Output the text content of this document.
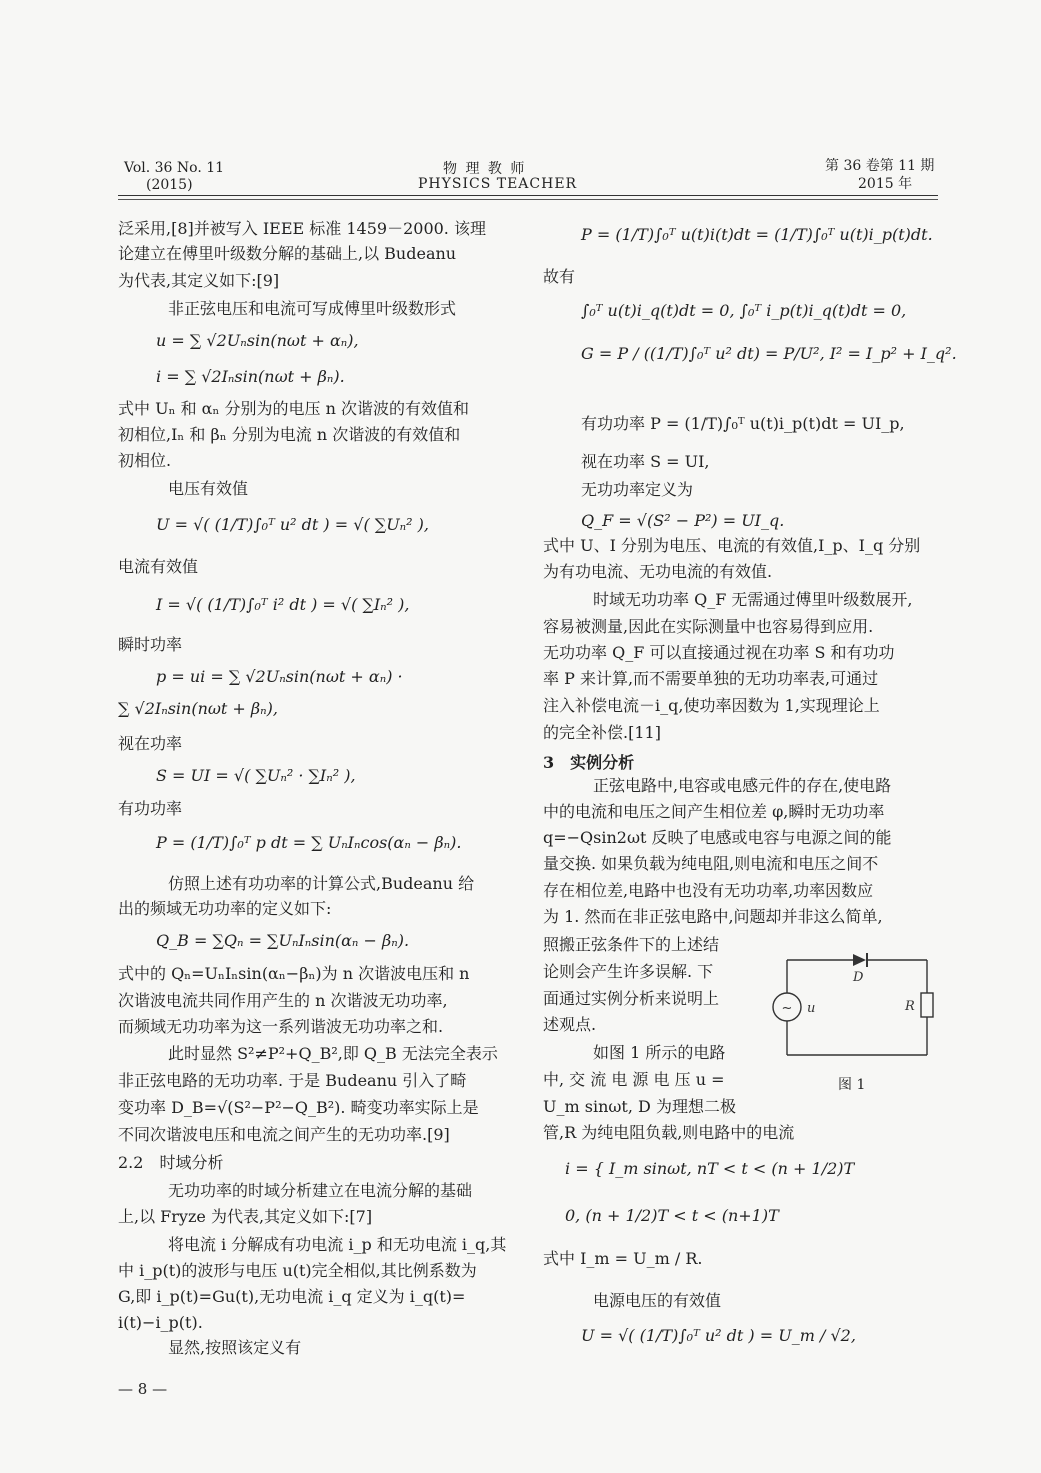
Vol. 36 No. 11
(2015)
物 理 教 师
PHYSICS TEACHER
第 36 卷第 11 期
2015 年
泛采用,[8]并被写入 IEEE 标准 1459－2000. 该理
论建立在傅里叶级数分解的基础上,以 Budeanu
为代表,其定义如下:[9]
　非正弦电压和电流可写成傅里叶级数形式
u = ∑ √2Uₙsin(nωt + αₙ),
i = ∑ √2Iₙsin(nωt + βₙ).
式中 Uₙ 和 αₙ 分别为的电压 n 次谐波的有效值和
初相位,Iₙ 和 βₙ 分别为电流 n 次谐波的有效值和
初相位.
　电压有效值
U = √( (1/T)∫₀ᵀ u² dt ) = √( ∑Uₙ² ),
电流有效值
I = √( (1/T)∫₀ᵀ i² dt ) = √( ∑Iₙ² ),
瞬时功率
p = ui = ∑ √2Uₙsin(nωt + αₙ) ·
∑ √2Iₙsin(nωt + βₙ),
视在功率
S = UI = √( ∑Uₙ² · ∑Iₙ² ),
有功功率
P = (1/T)∫₀ᵀ p dt = ∑ UₙIₙcos(αₙ − βₙ).
　仿照上述有功功率的计算公式,Budeanu 给
出的频域无功功率的定义如下:
Q_B = ∑Qₙ = ∑UₙIₙsin(αₙ − βₙ).
式中的 Qₙ=UₙIₙsin(αₙ−βₙ)为 n 次谐波电压和 n
次谐波电流共同作用产生的 n 次谐波无功功率,
而频域无功功率为这一系列谐波无功功率之和.
　此时显然 S²≠P²+Q_B²,即 Q_B 无法完全表示
非正弦电路的无功功率. 于是 Budeanu 引入了畸
变功率 D_B=√(S²−P²−Q_B²). 畸变功率实际上是
不同次谐波电压和电流之间产生的无功功率.[9]
2.2　时域分析
　无功功率的时域分析建立在电流分解的基础
上,以 Fryze 为代表,其定义如下:[7]
　将电流 i 分解成有功电流 i_p 和无功电流 i_q,其
中 i_p(t)的波形与电压 u(t)完全相似,其比例系数为
G,即 i_p(t)=Gu(t),无功电流 i_q 定义为 i_q(t)=
i(t)−i_p(t).
　显然,按照该定义有
P = (1/T)∫₀ᵀ u(t)i(t)dt = (1/T)∫₀ᵀ u(t)i_p(t)dt.
故有
∫₀ᵀ u(t)i_q(t)dt = 0, ∫₀ᵀ i_p(t)i_q(t)dt = 0,
G = P / ((1/T)∫₀ᵀ u² dt) = P/U², I² = I_p² + I_q².
有功功率 P = (1/T)∫₀ᵀ u(t)i_p(t)dt = UI_p,
视在功率 S = UI,
无功功率定义为
Q_F = √(S² − P²) = UI_q.
式中 U、I 分别为电压、电流的有效值,I_p、I_q 分别
为有功电流、无功电流的有效值.
　时域无功功率 Q_F 无需通过傅里叶级数展开,
容易被测量,因此在实际测量中也容易得到应用.
无功功率 Q_F 可以直接通过视在功率 S 和有功功
率 P 来计算,而不需要单独的无功功率表,可通过
注入补偿电流－i_q,使功率因数为 1,实现理论上
的完全补偿.[11]
3　实例分析
　正弦电路中,电容或电感元件的存在,使电路
中的电流和电压之间产生相位差 φ,瞬时无功功率
q=−Qsin2ωt 反映了电感或电容与电源之间的能
量交换. 如果负载为纯电阻,则电流和电压之间不
存在相位差,电路中也没有无功功率,功率因数应
为 1. 然而在非正弦电路中,问题却并非这么简单,
照搬正弦条件下的上述结
论则会产生许多误解. 下
面通过实例分析来说明上
述观点.
　如图 1 所示的电路
中, 交 流 电 源 电 压 u =
U_m sinωt, D 为理想二极
管,R 为纯电阻负载,则电路中的电流
i = { I_m sinωt, nT < t < (n + 1/2)T
0, (n + 1/2)T < t < (n+1)T
式中 I_m = U_m / R.
　电源电压的有效值
U = √( (1/T)∫₀ᵀ u² dt ) = U_m / √2,
~ u
D
R
图 1
— 8 —
